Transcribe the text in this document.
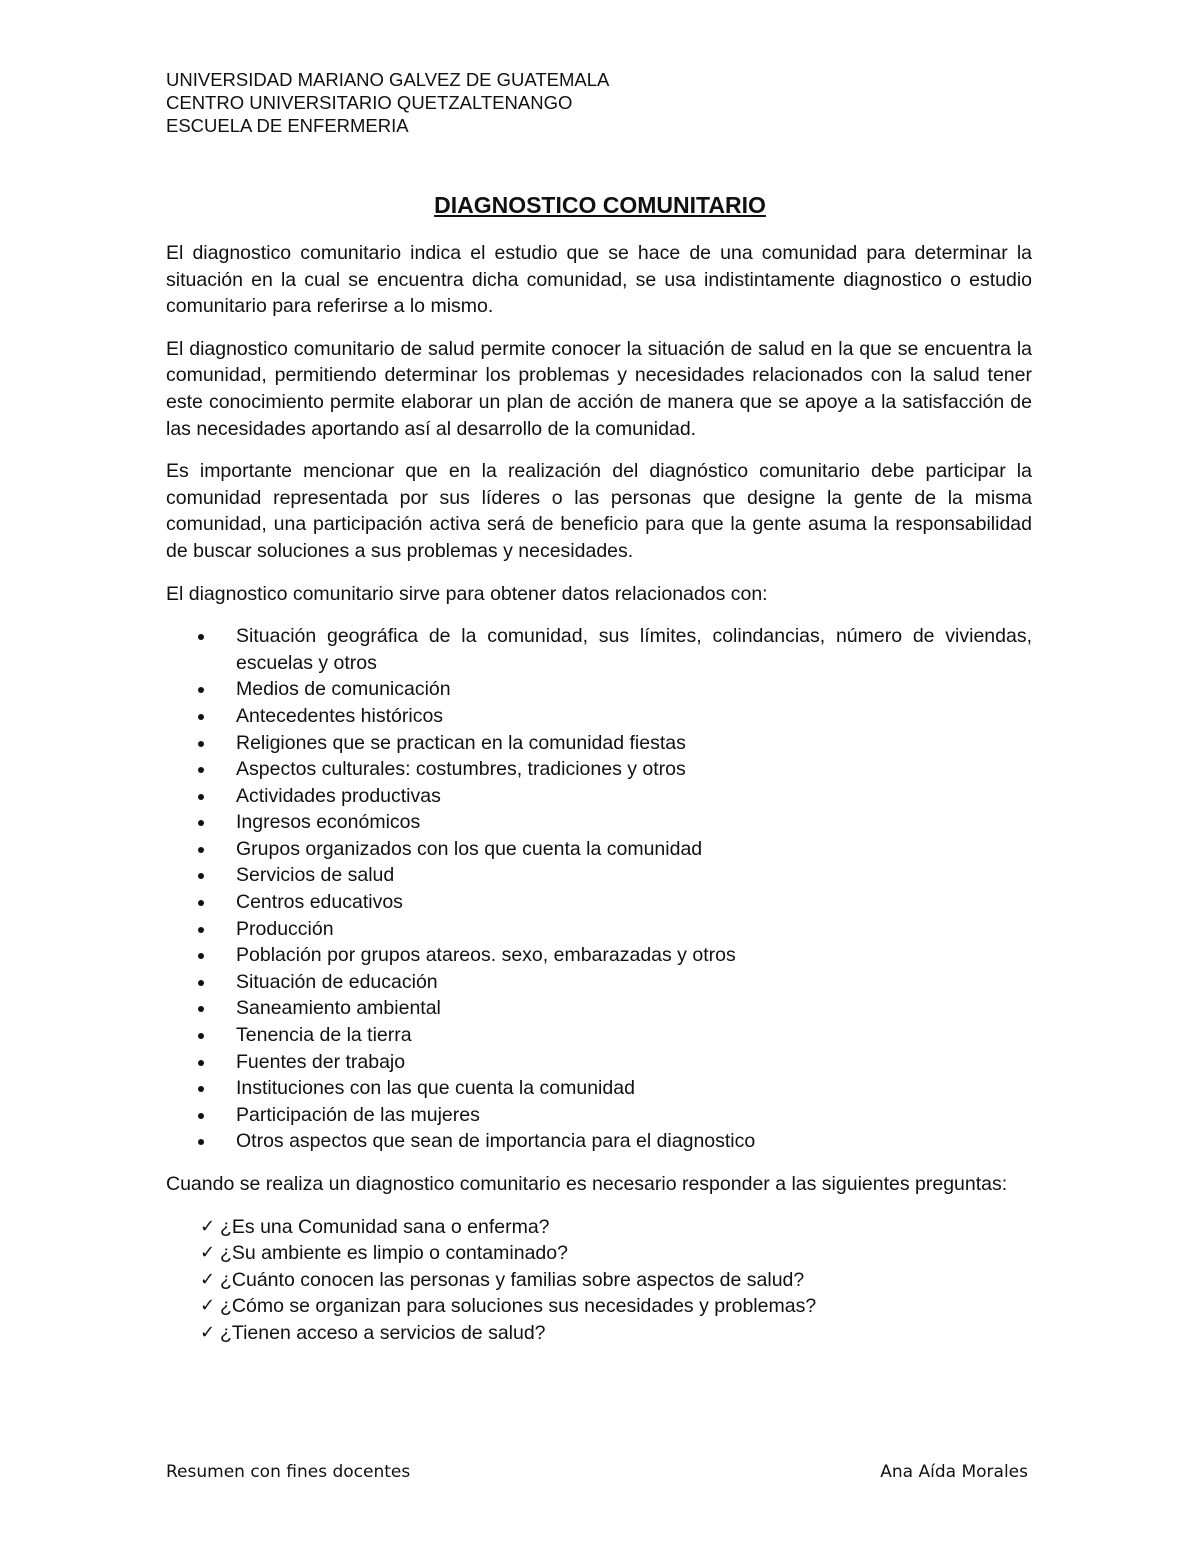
UNIVERSIDAD MARIANO GALVEZ DE GUATEMALA
CENTRO UNIVERSITARIO QUETZALTENANGO
ESCUELA DE ENFERMERIA
DIAGNOSTICO COMUNITARIO

El diagnostico comunitario indica el estudio que se hace de una comunidad para determinar la situación en la cual se encuentra dicha comunidad, se usa indistintamente diagnostico o estudio comunitario para referirse a lo mismo.

El diagnostico comunitario de salud permite conocer la situación de salud en la que se encuentra la comunidad, permitiendo determinar los problemas y necesidades relacionados con la salud tener este conocimiento permite elaborar un plan de acción de manera que se apoye a la satisfacción de las necesidades aportando así al desarrollo de la comunidad.

Es importante mencionar que en la realización del diagnóstico comunitario debe participar la comunidad representada por sus líderes o las personas que designe la gente de la misma comunidad, una participación activa será de beneficio para que la gente asuma la responsabilidad de buscar soluciones a sus problemas y necesidades.

El diagnostico comunitario sirve para obtener datos relacionados con:

Situación geográfica de la comunidad, sus límites, colindancias, número de viviendas, escuelas y otros
Medios de comunicación
Antecedentes históricos
Religiones que se practican en la comunidad fiestas
Aspectos culturales: costumbres, tradiciones y otros
Actividades productivas
Ingresos económicos
Grupos organizados con los que cuenta la comunidad
Servicios de salud
Centros educativos
Producción
Población por grupos atareos. sexo, embarazadas y otros
Situación de educación
Saneamiento ambiental
Tenencia de la tierra
Fuentes der trabajo
Instituciones con las que cuenta la comunidad
Participación de las mujeres
Otros aspectos que sean de importancia para el diagnostico

Cuando se realiza un diagnostico comunitario es necesario responder a las siguientes preguntas:

✓ ¿Es una Comunidad sana o enferma?
✓ ¿Su ambiente es limpio o contaminado?
✓ ¿Cuánto conocen las personas y familias sobre aspectos de salud?
✓ ¿Cómo se organizan para soluciones sus necesidades y problemas?
✓ ¿Tienen acceso a servicios de salud?
Resumen con fines docentes	Ana Aída Morales
